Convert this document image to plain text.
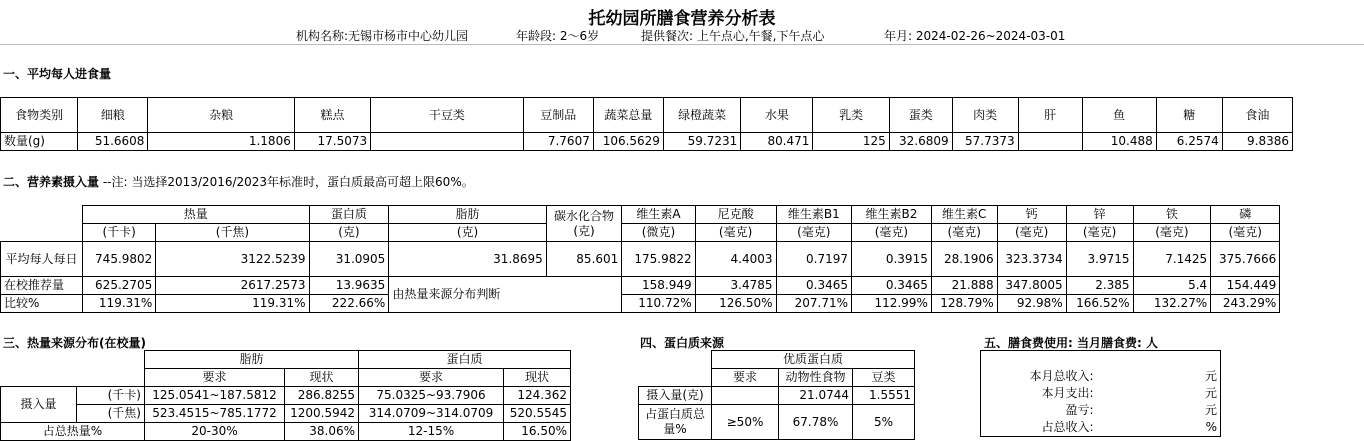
托幼园所膳食营养分析表
机构名称:无锡市杨市中心幼儿园	年龄段: 2～6岁	提供餐次: 上午点心,午餐,下午点心	年月: 2024-02-26~2024-03-01
一、平均每人进食量
食物类别	细粮	杂粮	糕点	干豆类	豆制品	蔬菜总量	绿橙蔬菜	水果	乳类	蛋类	肉类	肝	鱼	糖	食油
数量(g)	51.6608	1.1806	17.5073		7.7607	106.5629	59.7231	80.471	125	32.6809	57.7373		10.488	6.2574	9.8386
二、营养素摄入量 --注: 当选择2013/2016/2023年标准时，蛋白质最高可超上限60%。
	热量		蛋白质	脂肪	碳水化合物(克)	维生素A	尼克酸	维生素B1	维生素B2	维生素C	钙	锌	铁	磷	
	(千卡)	(千焦)	(克)	(克)		(微克)	(毫克)	(毫克)	(毫克)	(毫克)	(毫克)	(毫克)	(毫克)	(毫克)	
平均每人每日	745.9802	3122.5239	31.0905	31.8695	85.601	175.9822	4.4003	0.7197	0.3915	28.1906	323.3734	3.9715	7.1425	375.7666	
在校推荐量	625.2705	2617.2573	13.9635	由热量来源分布判断		158.949	3.4785	0.3465	0.3465	21.888	347.8005	2.385	5.4	154.449	
比较%	119.31%	119.31%	222.66%			110.72%	126.50%	207.71%	112.99%	128.79%	92.98%	166.52%	132.27%	243.29%	
三、热量来源分布(在校量)
		脂肪		蛋白质	
		要求	现状	要求	现状
摄入量	(千卡)	125.0541~187.5812	286.8255	75.0325~93.7906	124.362
	(千焦)	523.4515~785.1772	1200.5942	314.0709~314.0709	520.5545
占总热量%		20-30%	38.06%	12-15%	16.50%
四、蛋白质来源
	优质蛋白质		
	要求	动物性食物	豆类
摄入量(克)		21.0744	1.5551
占蛋白质总量%	≥50%	67.78%	5%
五、膳食费使用: 当月膳食费: 人

本月总收入:	元
本月支出:	元
盈亏:	元
占总收入:	%
